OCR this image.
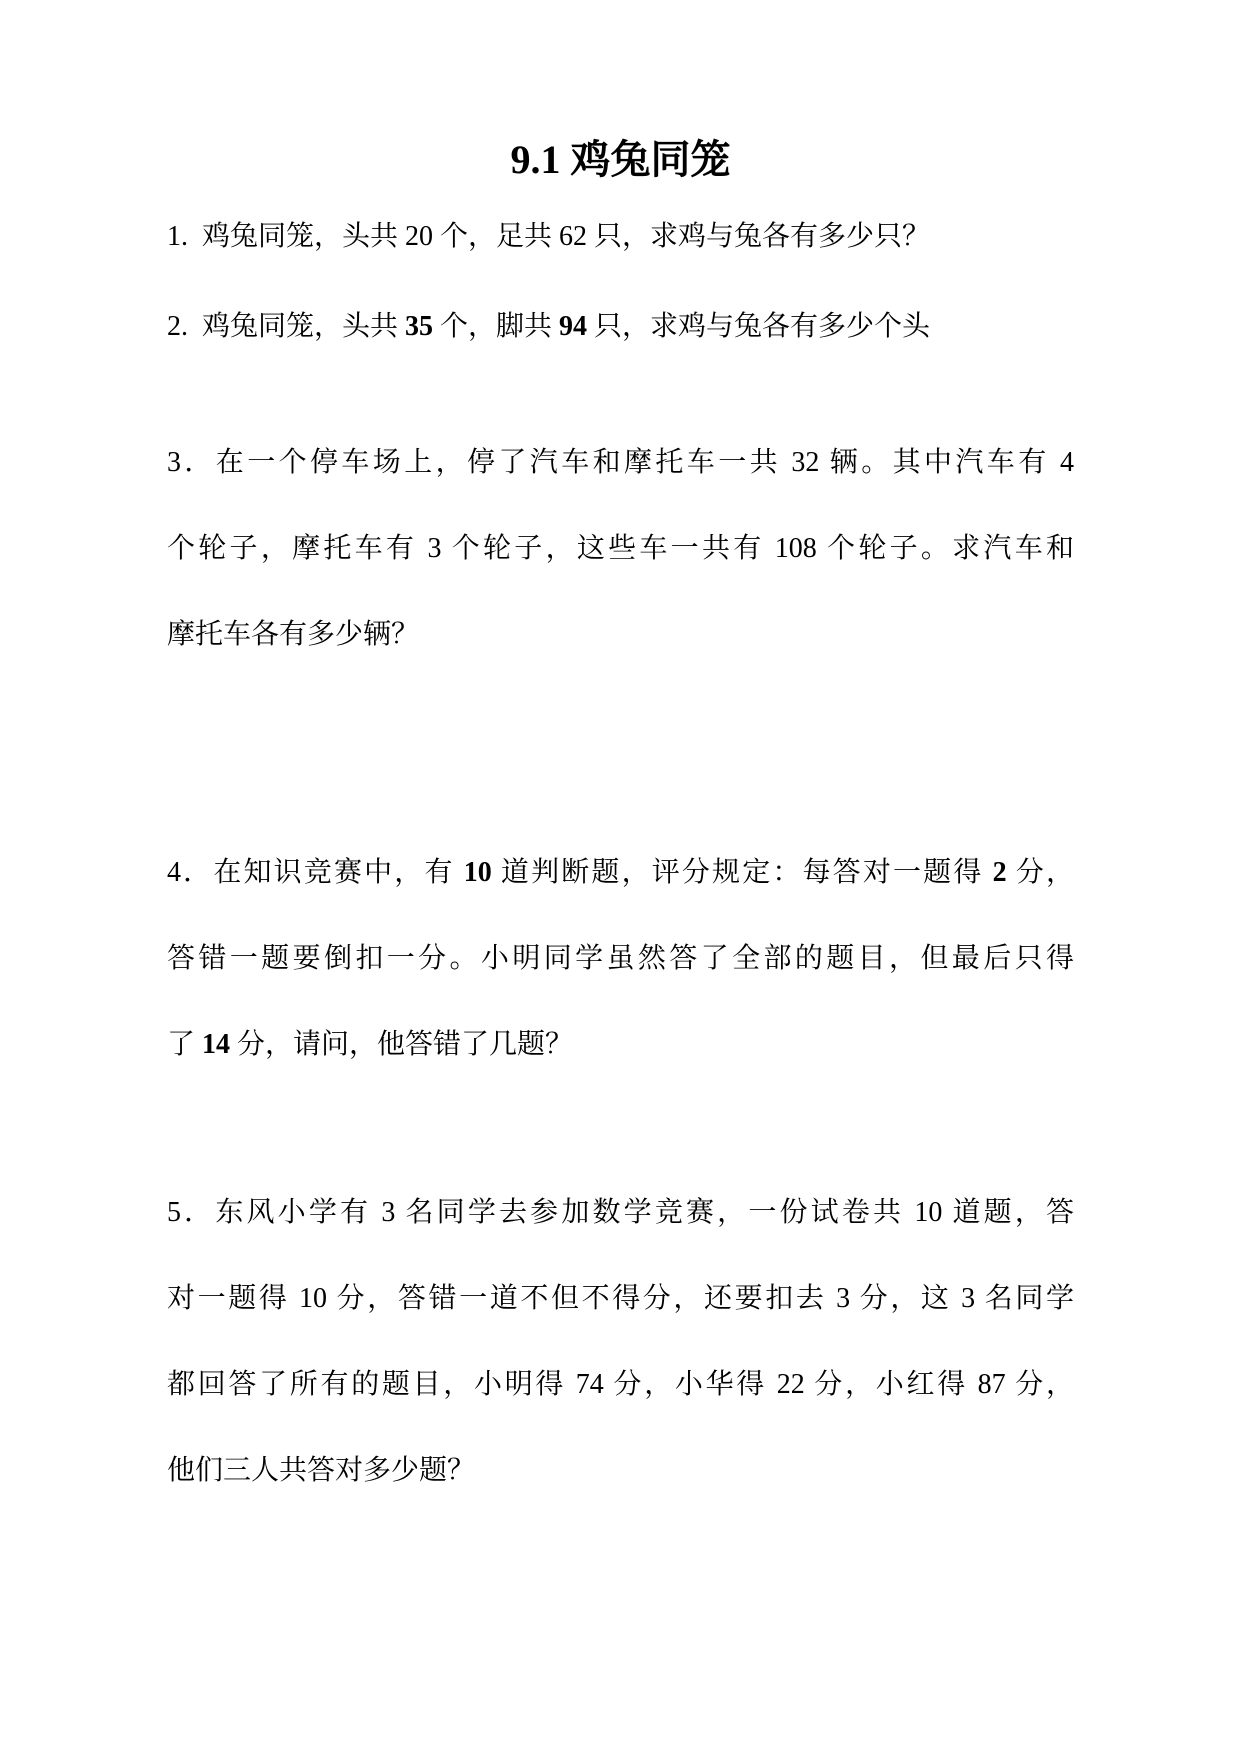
9.1 鸡兔同笼
1.  鸡兔同笼，头共 20 个，足共 62 只，求鸡与兔各有多少只？
2.  鸡兔同笼，头共 35 个，脚共 94 只，求鸡与兔各有多少个头
3．在一个停车场上，停了汽车和摩托车一共 32 辆。其中汽车有 4
个轮子，摩托车有 3 个轮子，这些车一共有 108 个轮子。求汽车和
摩托车各有多少辆？
4．在知识竞赛中，有 10 道判断题，评分规定：每答对一题得 2 分，
答错一题要倒扣一分。小明同学虽然答了全部的题目，但最后只得
了 14 分，请问，他答错了几题？
5．东风小学有 3 名同学去参加数学竞赛，一份试卷共 10 道题，答
对一题得 10 分，答错一道不但不得分，还要扣去 3 分，这 3 名同学
都回答了所有的题目，小明得 74 分，小华得 22 分，小红得 87 分，
他们三人共答对多少题？
